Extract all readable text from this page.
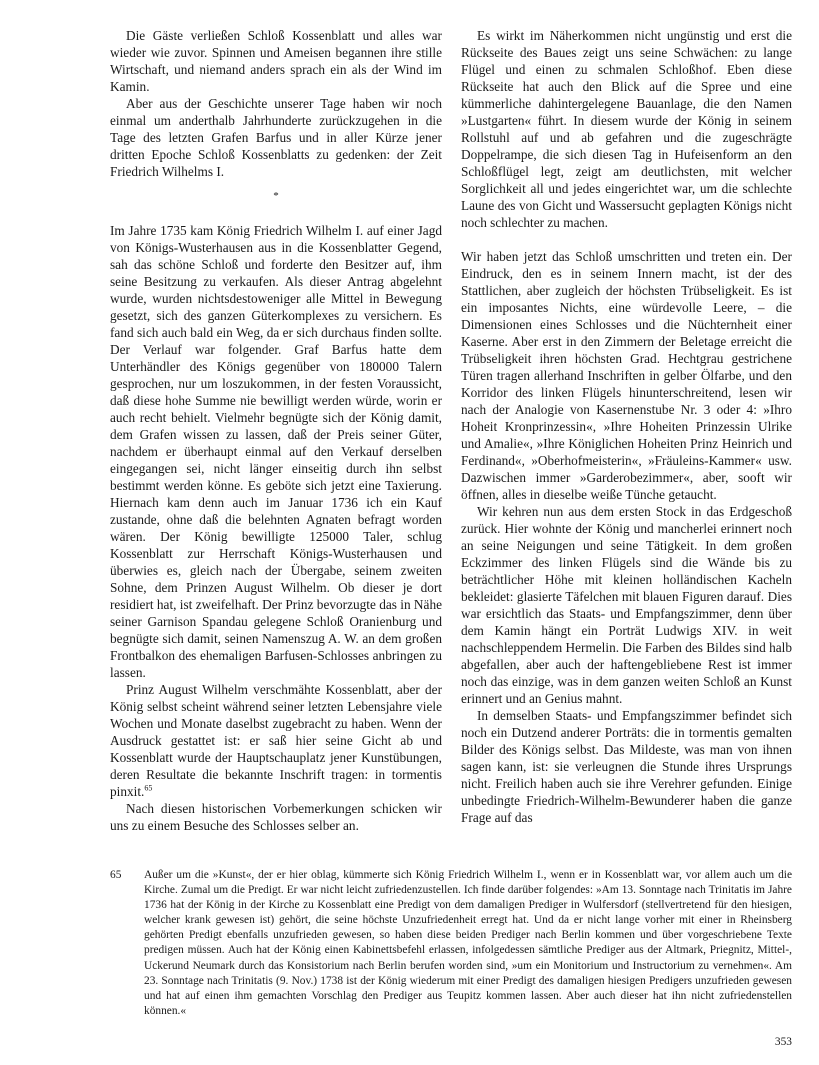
Die Gäste verließen Schloß Kossenblatt und alles war wieder wie zuvor. Spinnen und Ameisen begannen ihre stille Wirtschaft, und niemand anders sprach ein als der Wind im Kamin.

Aber aus der Geschichte unserer Tage haben wir noch einmal um anderthalb Jahrhunderte zurückzugehen in die Tage des letzten Grafen Barfus und in aller Kürze jener dritten Epoche Schloß Kossenblatts zu gedenken: der Zeit Friedrich Wilhelms I.

*

Im Jahre 1735 kam König Friedrich Wilhelm I. auf einer Jagd von Königs-Wusterhausen aus in die Kossenblatter Gegend, sah das schöne Schloß und forderte den Besitzer auf, ihm seine Besitzung zu verkaufen. Als dieser Antrag abgelehnt wurde, wurden nichtsdestoweniger alle Mittel in Bewegung gesetzt, sich des ganzen Güterkomplexes zu versichern. Es fand sich auch bald ein Weg, da er sich durchaus finden sollte. Der Verlauf war folgender. Graf Barfus hatte dem Unterhändler des Königs gegenüber von 180000 Talern gesprochen, nur um loszukommen, in der festen Voraussicht, daß diese hohe Summe nie bewilligt werden würde, worin er auch recht behielt. Vielmehr begnügte sich der König damit, dem Grafen wissen zu lassen, daß der Preis seiner Güter, nachdem er überhaupt einmal auf den Verkauf derselben eingegangen sei, nicht länger einseitig durch ihn selbst bestimmt werden könne. Es geböte sich jetzt eine Taxierung. Hiernach kam denn auch im Januar 1736 ich ein Kauf zustande, ohne daß die belehnten Agnaten befragt worden wären. Der König bewilligte 125000 Taler, schlug Kossenblatt zur Herrschaft Königs-Wusterhausen und überwies es, gleich nach der Übergabe, seinem zweiten Sohne, dem Prinzen August Wilhelm. Ob dieser je dort residiert hat, ist zweifelhaft. Der Prinz bevorzugte das in Nähe seiner Garnison Spandau gelegene Schloß Oranienburg und begnügte sich damit, seinen Namenszug A. W. an dem großen Frontbalkon des ehemaligen Barfusen-Schlosses anbringen zu lassen.

Prinz August Wilhelm verschmähte Kossenblatt, aber der König selbst scheint während seiner letzten Lebensjahre viele Wochen und Monate daselbst zugebracht zu haben. Wenn der Ausdruck gestattet ist: er saß hier seine Gicht ab und Kossenblatt wurde der Hauptschauplatz jener Kunstübungen, deren Resultate die bekannte Inschrift tragen: in tormentis pinxit.$^{65}$

Nach diesen historischen Vorbemerkungen schicken wir uns zu einem Besuche des Schlosses selber an.

Es wirkt im Näherkommen nicht ungünstig und erst die Rückseite des Baues zeigt uns seine Schwächen: zu lange Flügel und einen zu schmalen Schloßhof. Eben diese Rückseite hat auch den Blick auf die Spree und eine kümmerliche dahintergelegene Bauanlage, die den Namen »Lustgarten« führt. In diesem wurde der König in seinem Rollstuhl auf und ab gefahren und die zugeschrägte Doppelrampe, die sich diesen Tag in Hufeisenform an den Schloßflügel legt, zeigt am deutlichsten, mit welcher Sorglichkeit all und jedes eingerichtet war, um die schlechte Laune des von Gicht und Wassersucht geplagten Königs nicht noch schlechter zu machen.

Wir haben jetzt das Schloß umschritten und treten ein. Der Eindruck, den es in seinem Innern macht, ist der des Stattlichen, aber zugleich der höchsten Trübseligkeit. Es ist ein imposantes Nichts, eine würdevolle Leere, – die Dimensionen eines Schlosses und die Nüchternheit einer Kaserne. Aber erst in den Zimmern der Beletage erreicht die Trübseligkeit ihren höchsten Grad. Hechtgrau gestrichene Türen tragen allerhand Inschriften in gelber Ölfarbe, und den Korridor des linken Flügels hinunterschreitend, lesen wir nach der Analogie von Kasernenstube Nr. 3 oder 4: »Ihro Hoheit Kronprinzessin«, »Ihre Hoheiten Prinzessin Ulrike und Amalie«, »Ihre Königlichen Hoheiten Prinz Heinrich und Ferdinand«, »Oberhofmeisterin«, »Fräuleins-Kammer« usw. Dazwischen immer »Garderobezimmer«, aber, sooft wir öffnen, alles in dieselbe weiße Tünche getaucht.

Wir kehren nun aus dem ersten Stock in das Erdgeschoß zurück. Hier wohnte der König und mancherlei erinnert noch an seine Neigungen und seine Tätigkeit. In dem großen Eckzimmer des linken Flügels sind die Wände bis zu beträchtlicher Höhe mit kleinen holländischen Kacheln bekleidet: glasierte Täfelchen mit blauen Figuren darauf. Dies war ersichtlich das Staats- und Empfangszimmer, denn über dem Kamin hängt ein Porträt Ludwigs XIV. in weit nachschleppendem Hermelin. Die Farben des Bildes sind halb abgefallen, aber auch der haftengebliebene Rest ist immer noch das einzige, was in dem ganzen weiten Schloß an Kunst erinnert und an Genius mahnt.

In demselben Staats- und Empfangszimmer befindet sich noch ein Dutzend anderer Porträts: die in tormentis gemalten Bilder des Königs selbst. Das Mildeste, was man von ihnen sagen kann, ist: sie verleugnen die Stunde ihres Ursprungs nicht. Freilich haben auch sie ihre Verehrer gefunden. Einige unbedingte Friedrich-Wilhelm-Bewunderer haben die ganze Frage auf das

65	Außer um die »Kunst«, der er hier oblag, kümmerte sich König Friedrich Wilhelm I., wenn er in Kossenblatt war, vor allem auch um die Kirche. Zumal um die Predigt. Er war nicht leicht zufriedenzustellen. Ich finde darüber folgendes: »Am 13. Sonntage nach Trinitatis im Jahre 1736 hat der König in der Kirche zu Kossenblatt eine Predigt von dem damaligen Prediger in Wulfersdorf (stellvertretend für den hiesigen, welcher krank gewesen ist) gehört, die seine höchste Unzufriedenheit erregt hat. Und da er nicht lange vorher mit einer in Rheinsberg gehörten Predigt ebenfalls unzufrieden gewesen, so haben diese beiden Prediger nach Berlin kommen und über vorgeschriebene Texte predigen müssen. Auch hat der König einen Kabinettsbefehl erlassen, infolgedessen sämtliche Prediger aus der Altmark, Priegnitz, Mittel-, Uckerund Neumark durch das Konsistorium nach Berlin berufen worden sind, »um ein Monitorium und Instructorium zu vernehmen«. Am 23. Sonntage nach Trinitatis (9. Nov.) 1738 ist der König wiederum mit einer Predigt des damaligen hiesigen Predigers unzufrieden gewesen und hat auf einen ihm gemachten Vorschlag den Prediger aus Teupitz kommen lassen. Aber auch dieser hat ihn nicht zufriedenstellen können.«
353
